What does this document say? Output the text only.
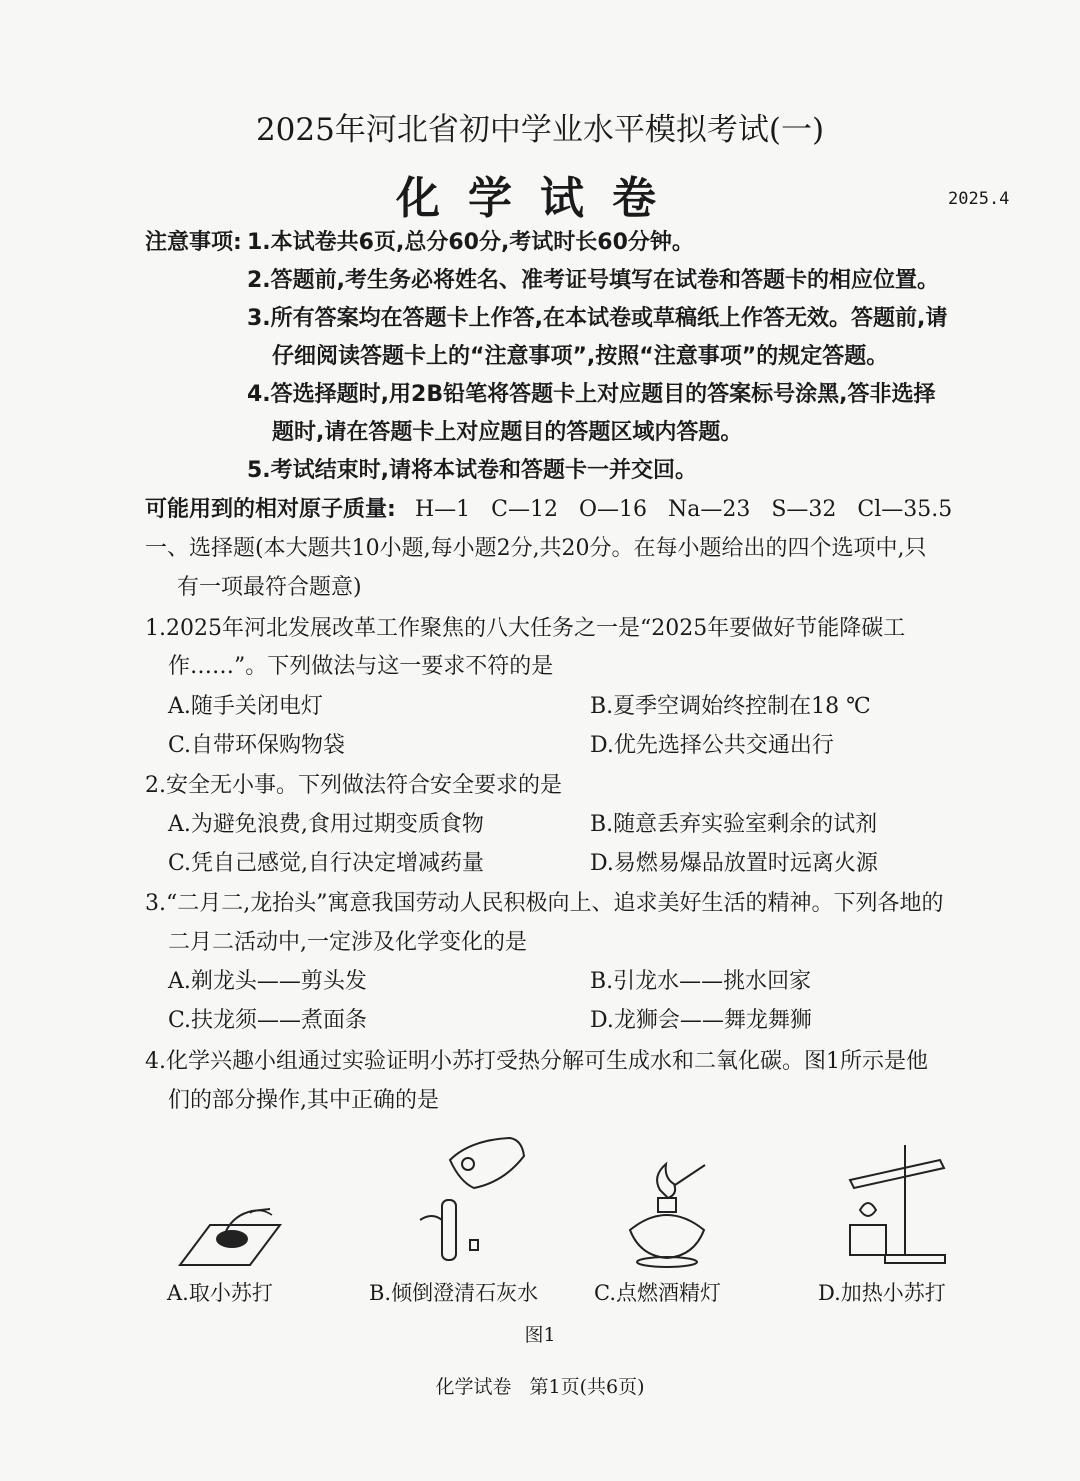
2025年河北省初中学业水平模拟考试(一)
化学试卷	2025.4
注意事项: 1.本试卷共6页,总分60分,考试时长60分钟。
2.答题前,考生务必将姓名、准考证号填写在试卷和答题卡的相应位置。
3.所有答案均在答题卡上作答,在本试卷或草稿纸上作答无效。答题前,请
仔细阅读答题卡上的“注意事项”,按照“注意事项”的规定答题。
4.答选择题时,用2B铅笔将答题卡上对应题目的答案标号涂黑,答非选择
题时,请在答题卡上对应题目的答题区域内答题。
5.考试结束时,请将本试卷和答题卡一并交回。
可能用到的相对原子质量: H—1   C—12   O—16   Na—23   S—32   Cl—35.5
一、选择题(本大题共10小题,每小题2分,共20分。在每小题给出的四个选项中,只
有一项最符合题意)
1.2025年河北发展改革工作聚焦的八大任务之一是“2025年要做好节能降碳工
作……”。下列做法与这一要求不符的是
A.随手关闭电灯	B.夏季空调始终控制在18 ℃
C.自带环保购物袋	D.优先选择公共交通出行
2.安全无小事。下列做法符合安全要求的是
A.为避免浪费,食用过期变质食物	B.随意丢弃实验室剩余的试剂
C.凭自己感觉,自行决定增减药量	D.易燃易爆品放置时远离火源
3.“二月二,龙抬头”寓意我国劳动人民积极向上、追求美好生活的精神。下列各地的
二月二活动中,一定涉及化学变化的是
A.剃龙头——剪头发	B.引龙水——挑水回家
C.扶龙须——煮面条	D.龙狮会——舞龙舞狮
4.化学兴趣小组通过实验证明小苏打受热分解可生成水和二氧化碳。图1所示是他
们的部分操作,其中正确的是
A.取小苏打	B.倾倒澄清石灰水	C.点燃酒精灯	D.加热小苏打
图1
化学试卷   第1页(共6页)
